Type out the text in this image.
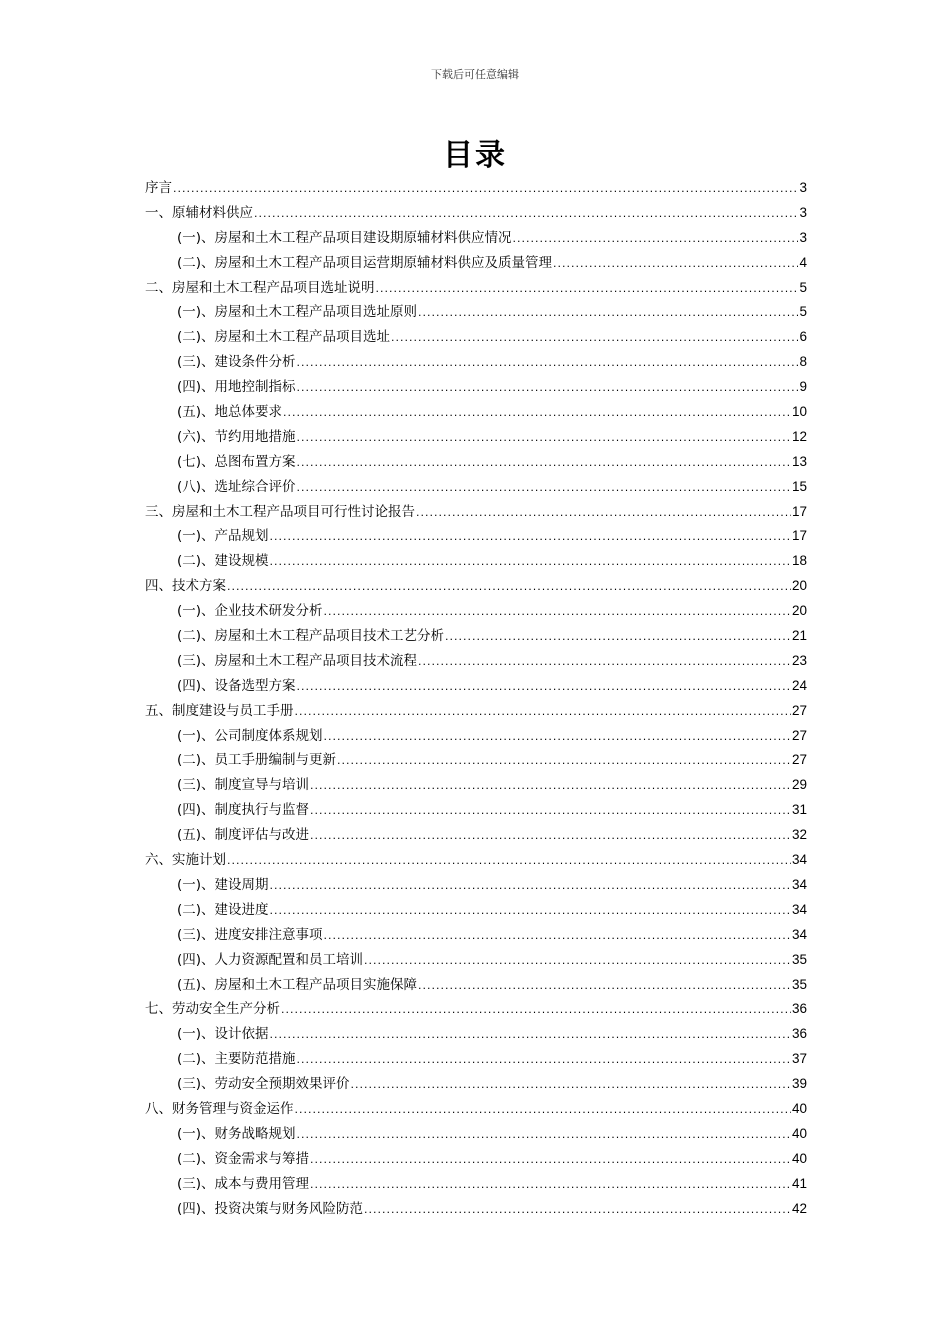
下载后可任意编辑
目录
序言 .....	3
一、原辅材料供应 .....	3
(一)、房屋和土木工程产品项目建设期原辅材料供应情况 .....	3
(二)、房屋和土木工程产品项目运营期原辅材料供应及质量管理 .....	4
二、房屋和土木工程产品项目选址说明 .....	5
(一)、房屋和土木工程产品项目选址原则 .....	5
(二)、房屋和土木工程产品项目选址 .....	6
(三)、建设条件分析 .....	8
(四)、用地控制指标 .....	9
(五)、地总体要求 .....	10
(六)、节约用地措施 .....	12
(七)、总图布置方案 .....	13
(八)、选址综合评价 .....	15
三、房屋和土木工程产品项目可行性讨论报告 .....	17
(一)、产品规划 .....	17
(二)、建设规模 .....	18
四、技术方案 .....	20
(一)、企业技术研发分析 .....	20
(二)、房屋和土木工程产品项目技术工艺分析 .....	21
(三)、房屋和土木工程产品项目技术流程 .....	23
(四)、设备选型方案 .....	24
五、制度建设与员工手册 .....	27
(一)、公司制度体系规划 .....	27
(二)、员工手册编制与更新 .....	27
(三)、制度宣导与培训 .....	29
(四)、制度执行与监督 .....	31
(五)、制度评估与改进 .....	32
六、实施计划 .....	34
(一)、建设周期 .....	34
(二)、建设进度 .....	34
(三)、进度安排注意事项 .....	34
(四)、人力资源配置和员工培训 .....	35
(五)、房屋和土木工程产品项目实施保障 .....	35
七、劳动安全生产分析 .....	36
(一)、设计依据 .....	36
(二)、主要防范措施 .....	37
(三)、劳动安全预期效果评价 .....	39
八、财务管理与资金运作 .....	40
(一)、财务战略规划 .....	40
(二)、资金需求与筹措 .....	40
(三)、成本与费用管理 .....	41
(四)、投资决策与财务风险防范 .....	42
